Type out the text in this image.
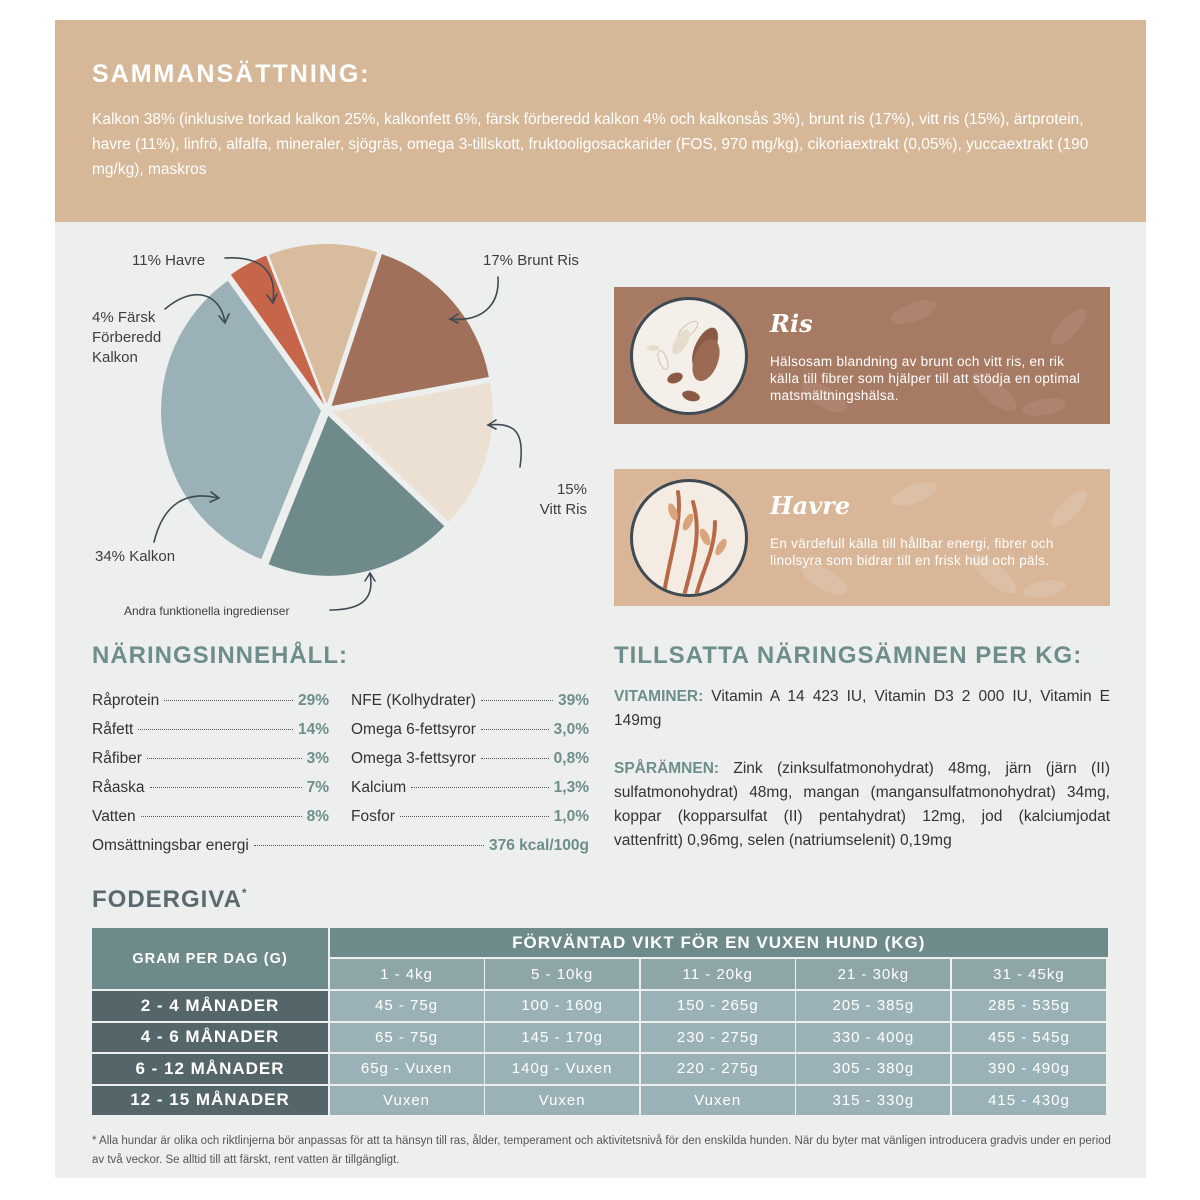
SAMMANSÄTTNING:

Kalkon 38% (inklusive torkad kalkon 25%, kalkonfett 6%, färsk förberedd kalkon 4% och kalkonsås 3%), brunt ris (17%), vitt ris (15%), ärtprotein, havre (11%), linfrö, alfalfa, mineraler, sjögräs, omega 3-tillskott, fruktooligosackarider (FOS, 970 mg/kg), cikoriaextrakt (0,05%), yuccaextrakt (190 mg/kg), maskros

11% Havre	17% Brunt Ris
4% Färsk
Förberedd
Kalkon
15%
Vitt Ris
34% Kalkon
Andra funktionella ingredienser
Ris
Hälsosam blandning av brunt och vitt ris, en rik källa till fibrer som hjälper till att stödja en optimal matsmältningshälsa.
Havre
En värdefull källa till hållbar energi, fibrer och linolsyra som bidrar till en frisk hud och päls.
NÄRINGSINNEHÅLL:
Råprotein	29%
Råfett	14%
Råfiber	3%
Råaska	7%
Vatten	8%
NFE (Kolhydrater)	39%
Omega 6-fettsyror	3,0%
Omega 3-fettsyror	0,8%
Kalcium	1,3%
Fosfor	1,0%
Omsättningsbar energi	376 kcal/100g
TILLSATTA NÄRINGSÄMNEN PER KG:
VITAMINER: Vitamin A 14 423 IU, Vitamin D3 2 000 IU, Vitamin E 149mg
SPÅRÄMNEN: Zink (zinksulfatmonohydrat) 48mg, järn (järn (II) sulfatmonohydrat) 48mg, mangan (mangansulfatmonohydrat) 34mg, koppar (kopparsulfat (II) pentahydrat) 12mg, jod (kalciumjodat vattenfritt) 0,96mg, selen (natriumselenit) 0,19mg
FODERGIVA*
GRAM PER DAG (G)
FÖRVÄNTAD VIKT FÖR EN VUXEN HUND (KG)
1 - 4kg	5 - 10kg	11 - 20kg	21 - 30kg	31 - 45kg
2 - 4 MÅNADER	45 - 75g	100 - 160g	150 - 265g	205 - 385g	285 - 535g
4 - 6 MÅNADER	65 - 75g	145 - 170g	230 - 275g	330 - 400g	455 - 545g
6 - 12 MÅNADER	65g - Vuxen	140g - Vuxen	220 - 275g	305 - 380g	390 - 490g
12 - 15 MÅNADER	Vuxen	Vuxen	Vuxen	315 - 330g	415 - 430g
* Alla hundar är olika och riktlinjerna bör anpassas för att ta hänsyn till ras, ålder, temperament och aktivitetsnivå för den enskilda hunden. När du byter mat vänligen introducera gradvis under en period av två veckor. Se alltid till att färskt, rent vatten är tillgängligt.
